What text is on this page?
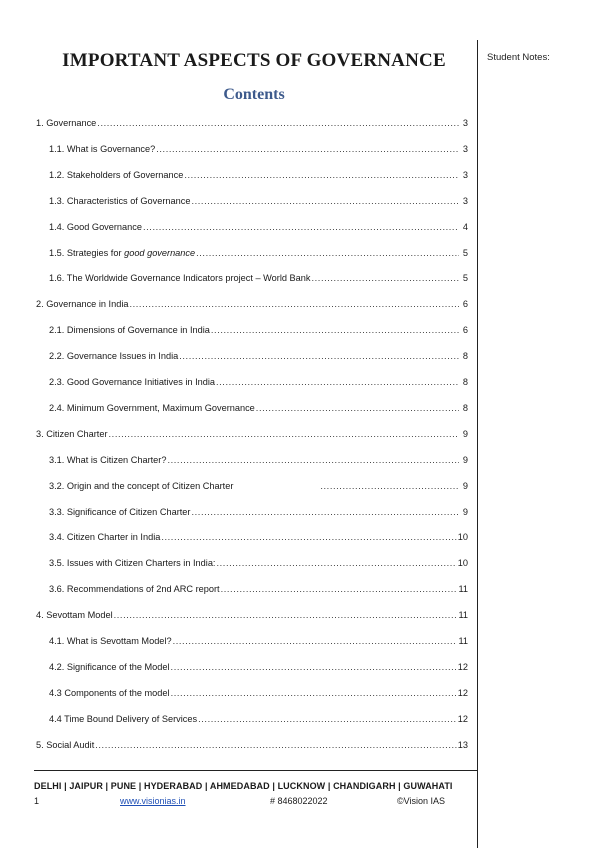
IMPORTANT ASPECTS OF GOVERNANCE
Contents
Student Notes:
1. Governance .....	3
1.1. What is Governance? .....	3
1.2. Stakeholders of Governance .....	3
1.3. Characteristics of Governance .....	3
1.4. Good Governance .....	4
1.5. Strategies for good governance .....	5
1.6. The Worldwide Governance Indicators project – World Bank .....	5
2. Governance in India .....	6
2.1. Dimensions of Governance in India .....	6
2.2. Governance Issues in India .....	8
2.3. Good Governance Initiatives in India .....	8
2.4. Minimum Government, Maximum Governance .....	8
3. Citizen Charter .....	9
3.1. What is Citizen Charter? .....	9
3.2. Origin and the concept of Citizen Charter .....	9
3.3. Significance of Citizen Charter .....	9
3.4. Citizen Charter in India .....	10
3.5. Issues with Citizen Charters in India: .....	10
3.6. Recommendations of 2nd ARC report .....	11
4. Sevottam Model .....	11
4.1. What is Sevottam Model? .....	11
4.2. Significance of the Model .....	12
4.3 Components of the model .....	12
4.4 Time Bound Delivery of Services .....	12
5. Social Audit .....	13
DELHI | JAIPUR | PUNE | HYDERABAD | AHMEDABAD | LUCKNOW | CHANDIGARH | GUWAHATI
1	www.visionias.in	# 8468022022	©Vision IAS
